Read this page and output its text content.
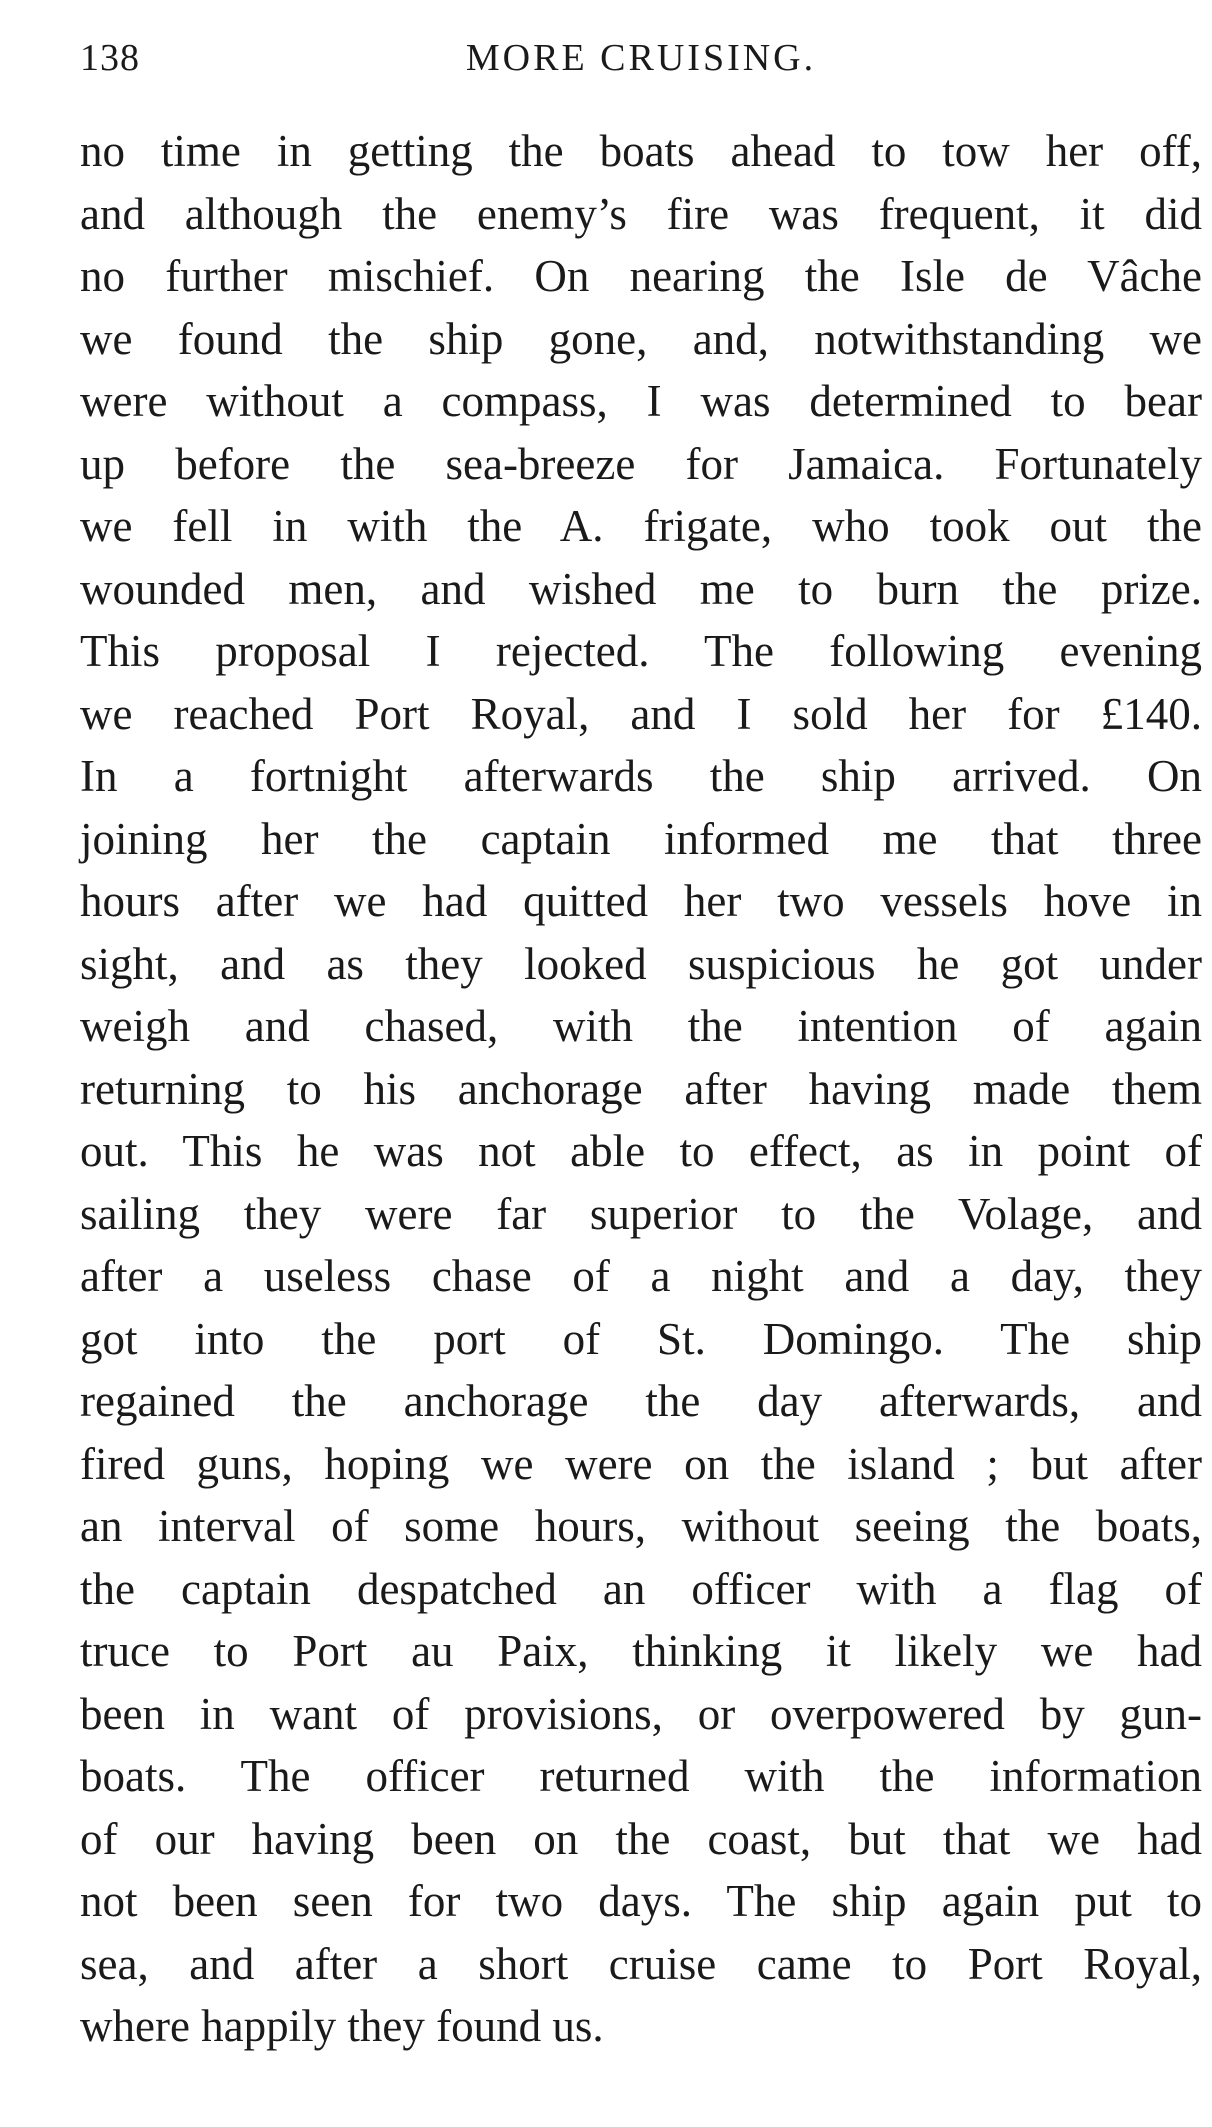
138	MORE CRUISING.
no time in getting the boats ahead to tow her off,
and although the enemy’s fire was frequent, it did
no further mischief. On nearing the Isle de Vâche
we found the ship gone, and, notwithstanding we
were without a compass, I was determined to bear
up before the sea-breeze for Jamaica. Fortunately
we fell in with the A. frigate, who took out the
wounded men, and wished me to burn the prize.
This proposal I rejected. The following evening
we reached Port Royal, and I sold her for £140.
In a fortnight afterwards the ship arrived. On
joining her the captain informed me that three
hours after we had quitted her two vessels hove in
sight, and as they looked suspicious he got under
weigh and chased, with the intention of again
returning to his anchorage after having made them
out. This he was not able to effect, as in point of
sailing they were far superior to the Volage, and
after a useless chase of a night and a day, they
got into the port of St. Domingo. The ship
regained the anchorage the day afterwards, and
fired guns, hoping we were on the island ; but after
an interval of some hours, without seeing the boats,
the captain despatched an officer with a flag of
truce to Port au Paix, thinking it likely we had
been in want of provisions, or overpowered by gun-
boats. The officer returned with the information
of our having been on the coast, but that we had
not been seen for two days. The ship again put to
sea, and after a short cruise came to Port Royal,
where happily they found us.
